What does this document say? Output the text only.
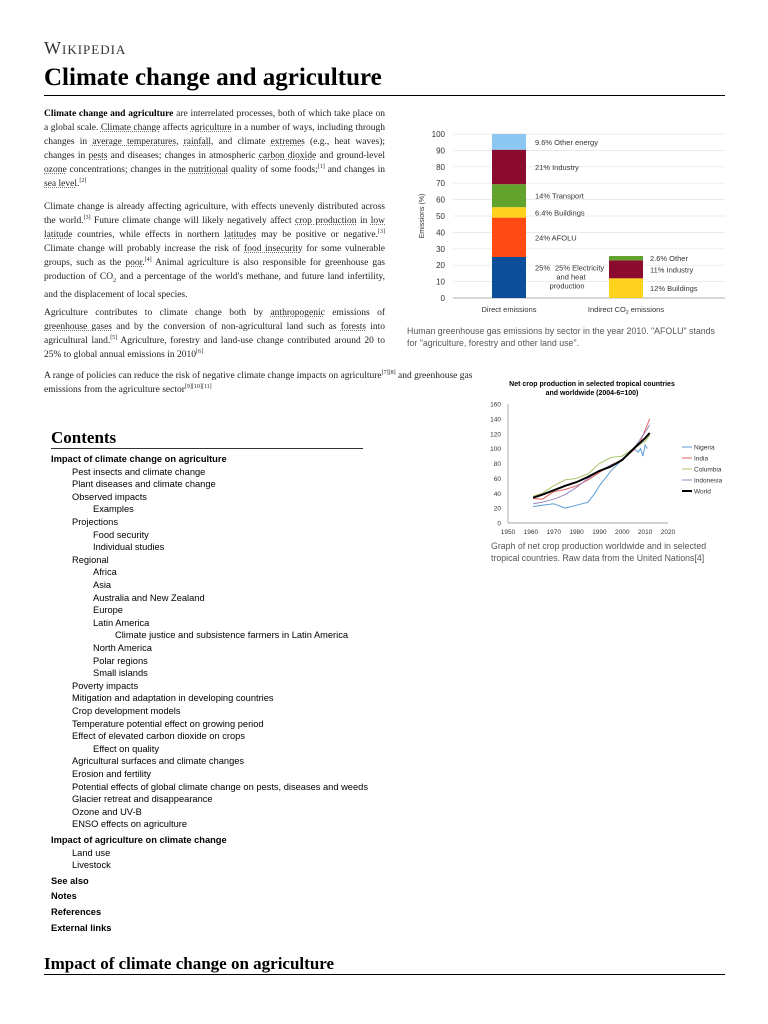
Wikipedia
Climate change and agriculture

Climate change and agriculture are interrelated processes, both of which take place on a global scale. Climate change affects agriculture in a number of ways, including through changes in average temperatures, rainfall, and climate extremes (e.g., heat waves); changes in pests and diseases; changes in atmospheric carbon dioxide and ground-level ozone concentrations; changes in the nutritional quality of some foods;[1] and changes in sea level.[2]

Climate change is already affecting agriculture, with effects unevenly distributed across the world.[3] Future climate change will likely negatively affect crop production in low latitude countries, while effects in northern latitudes may be positive or negative.[3] Climate change will probably increase the risk of food insecurity for some vulnerable groups, such as the poor.[4] Animal agriculture is also responsible for greenhouse gas production of $CO_2$ and a percentage of the world's methane, and future land infertility, and the displacement of local species.

Agriculture contributes to climate change both by anthropogenic emissions of greenhouse gases and by the conversion of non-agricultural land such as forests into agricultural land.[5] Agriculture, forestry and land-use change contributed around 20 to 25% to global annual emissions in 2010[6]

A range of policies can reduce the risk of negative climate change impacts on agriculture[7][8] and greenhouse gas emissions from the agriculture sector[9][10][11]

0
10
20
30
40
50
60
70
80
90
100
Emissions (%)	24% AFOLU
6.4% Buildings
14% Transport
21% Industry
9.6% Other energy
12% Buildings
11% Industry
2.6% Other
25% 25% Electricity
and heat
production
Direct emissions	Indirect $CO_2$ emissions
Human greenhouse gas emissions by sector in the year 2010. "AFOLU" stands for "agriculture, forestry and other land use".
Net crop production in selected tropical countries
and worldwide (2004-6=100)
0
20
40
60
80
100
120
140
160
1950 1960 1970 1980 1990 2000 2010 2020
Nigeria
India
Columbia
Indonesia
World
Graph of net crop production worldwide and in selected tropical countries. Raw data from the United Nations[4]
Contents
Impact of climate change on agriculture
Pest insects and climate change
Plant diseases and climate change
Observed impacts
Examples
Projections
Food security
Individual studies
Regional
Africa
Asia
Australia and New Zealand
Europe
Latin America
Climate justice and subsistence farmers in Latin America
North America
Polar regions
Small islands
Poverty impacts
Mitigation and adaptation in developing countries
Crop development models
Temperature potential effect on growing period
Effect of elevated carbon dioxide on crops
Effect on quality
Agricultural surfaces and climate changes
Erosion and fertility
Potential effects of global climate change on pests, diseases and weeds
Glacier retreat and disappearance
Ozone and UV-B
ENSO effects on agriculture
Impact of agriculture on climate change
Land use
Livestock
See also
Notes
References
External links
Impact of climate change on agriculture
